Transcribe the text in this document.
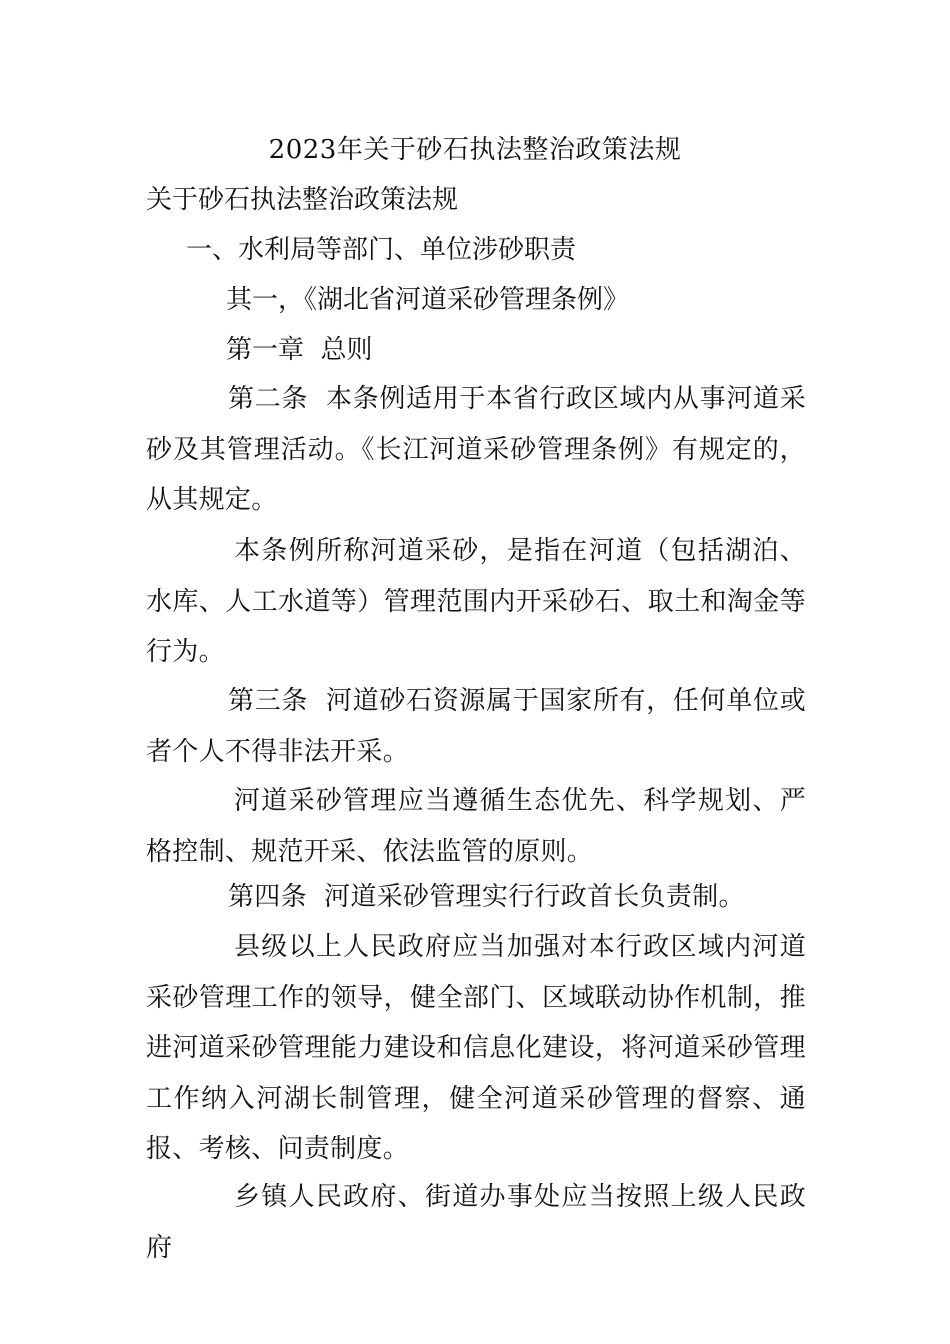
2023年关于砂石执法整治政策法规
关于砂石执法整治政策法规
一、水利局等部门、单位涉砂职责
其一，《湖北省河道采砂管理条例》
第一章  总则
第二条  本条例适用于本省行政区域内从事河道采砂及其管理活动。《长江河道采砂管理条例》有规定的，从其规定。
本条例所称河道采砂，是指在河道（包括湖泊、水库、人工水道等）管理范围内开采砂石、取土和淘金等行为。
第三条  河道砂石资源属于国家所有，任何单位或者个人不得非法开采。
河道采砂管理应当遵循生态优先、科学规划、严格控制、规范开采、依法监管的原则。
第四条  河道采砂管理实行行政首长负责制。
县级以上人民政府应当加强对本行政区域内河道采砂管理工作的领导，健全部门、区域联动协作机制，推进河道采砂管理能力建设和信息化建设，将河道采砂管理工作纳入河湖长制管理，健全河道采砂管理的督察、通报、考核、问责制度。
乡镇人民政府、街道办事处应当按照上级人民政府
